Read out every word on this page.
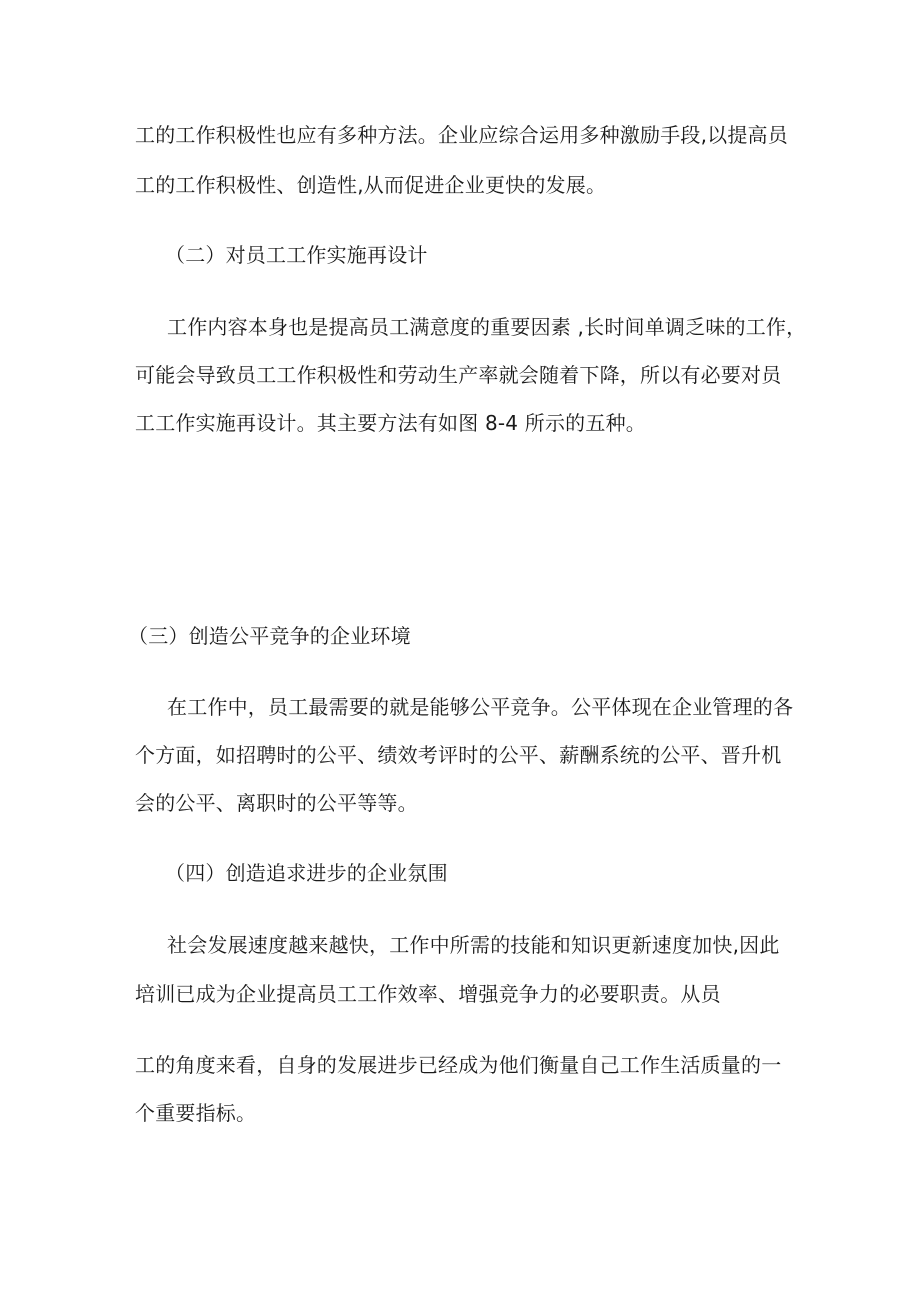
工的工作积极性也应有多种方法。企业应综合运用多种激励手段,以提高员
工的工作积极性、创造性,从而促进企业更快的发展。
（二）对员工工作实施再设计
工作内容本身也是提高员工满意度的重要因素 ,长时间单调乏味的工作，
可能会导致员工工作积极性和劳动生产率就会随着下降，所以有必要对员
工工作实施再设计。其主要方法有如图 8-4 所示的五种。
（三）创造公平竞争的企业环境
在工作中，员工最需要的就是能够公平竞争。公平体现在企业管理的各
个方面，如招聘时的公平、绩效考评时的公平、薪酬系统的公平、晋升机
会的公平、离职时的公平等等。
（四）创造追求进步的企业氛围
社会发展速度越来越快，工作中所需的技能和知识更新速度加快,因此
培训已成为企业提高员工工作效率、增强竞争力的必要职责。从员
工的角度来看，自身的发展进步已经成为他们衡量自己工作生活质量的一
个重要指标。
